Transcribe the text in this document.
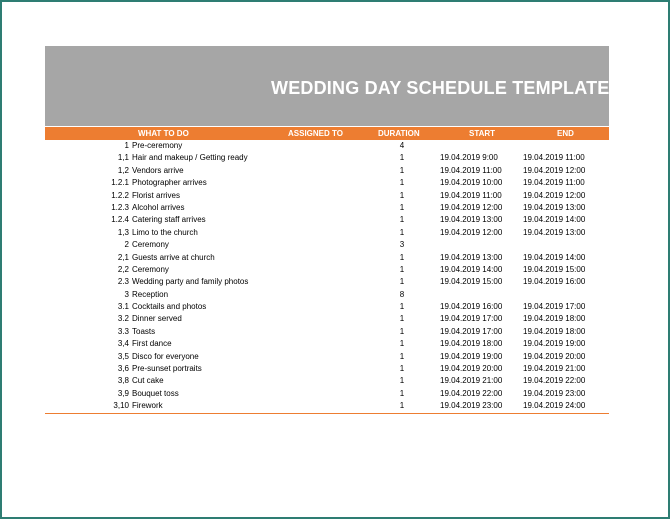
WEDDING DAY SCHEDULE TEMPLATE
WHAT TO DO	ASSIGNED TO	DURATION	START	END
1 Pre-ceremony	4
1,1 Hair and makeup / Getting ready	1	19.04.2019 9:00	19.04.2019 11:00
1,2 Vendors arrive	1	19.04.2019 11:00	19.04.2019 12:00
1.2.1 Photographer arrives	1	19.04.2019 10:00	19.04.2019 11:00
1.2.2 Florist arrives	1	19.04.2019 11:00	19.04.2019 12:00
1.2.3 Alcohol arrives	1	19.04.2019 12:00	19.04.2019 13:00
1.2.4 Catering staff arrives	1	19.04.2019 13:00	19.04.2019 14:00
1,3 Limo to the church	1	19.04.2019 12:00	19.04.2019 13:00
2 Ceremony	3
2,1 Guests arrive at church	1	19.04.2019 13:00	19.04.2019 14:00
2,2 Ceremony	1	19.04.2019 14:00	19.04.2019 15:00
2.3 Wedding party and family photos	1	19.04.2019 15:00	19.04.2019 16:00
3 Reception	8
3.1 Cocktails and photos	1	19.04.2019 16:00	19.04.2019 17:00
3.2 Dinner served	1	19.04.2019 17:00	19.04.2019 18:00
3.3 Toasts	1	19.04.2019 17:00	19.04.2019 18:00
3,4 First dance	1	19.04.2019 18:00	19.04.2019 19:00
3,5 Disco for everyone	1	19.04.2019 19:00	19.04.2019 20:00
3,6 Pre-sunset portraits	1	19.04.2019 20:00	19.04.2019 21:00
3,8 Cut cake	1	19.04.2019 21:00	19.04.2019 22:00
3,9 Bouquet toss	1	19.04.2019 22:00	19.04.2019 23:00
3,10 Firework	1	19.04.2019 23:00	19.04.2019 24:00
